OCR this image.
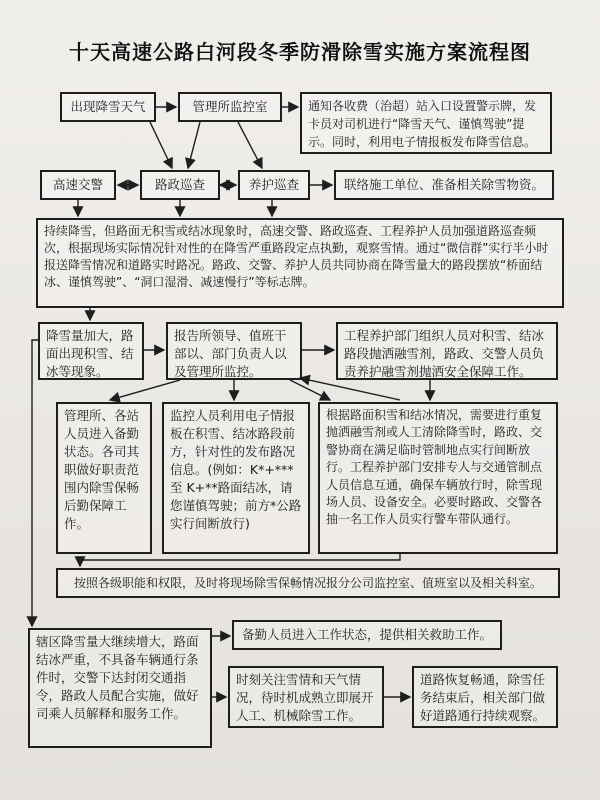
十天高速公路白河段冬季防滑除雪实施方案流程图
出现降雪天气	管理所监控室	通知各收费（治超）站入口设置警示牌，发卡员对司机进行“降雪天气、谨慎驾驶”提示。同时，利用电子情报板发布降雪信息。
高速交警	路政巡查	养护巡查	联络施工单位、准备相关除雪物资。
持续降雪，但路面无积雪或结冰现象时，高速交警、路政巡查、工程养护人员加强道路巡查频次，根据现场实际情况针对性的在降雪严重路段定点执勤，观察雪情。通过“微信群”实行半小时报送降雪情况和道路实时路况。路政、交警、养护人员共同协商在降雪量大的路段摆放“桥面结冰、谨慎驾驶”、“洞口湿滑、减速慢行”等标志牌。
降雪量加大，路面出现积雪、结冰等现象。
报告所领导、值班干部以、部门负责人以及管理所监控。
工程养护部门组织人员对积雪、结冰路段抛洒融雪剂，路政、交警人员负责养护融雪剂抛洒安全保障工作。
管理所、各站人员进入备勤状态。各司其职做好职责范围内除雪保畅后勤保障工作。
监控人员利用电子情报板在积雪、结冰路段前方，针对性的发布路况信息。(例如：K*+***至 K+**路面结冰，请您谨慎驾驶；前方*公路实行间断放行)
根据路面积雪和结冰情况，需要进行重复抛洒融雪剂或人工清除降雪时，路政、交警协商在满足临时管制地点实行间断放行。工程养护部门安排专人与交通管制点人员信息互通，确保车辆放行时，除雪现场人员、设备安全。必要时路政、交警各抽一名工作人员实行警车带队通行。
按照各级职能和权限，及时将现场除雪保畅情况报分公司监控室、值班室以及相关科室。
辖区降雪量大继续增大，路面结冰严重，不具备车辆通行条件时，交警下达封闭交通指令，路政人员配合实施，做好司乘人员解释和服务工作。
备勤人员进入工作状态，提供相关救助工作。
时刻关注雪情和天气情况，待时机成熟立即展开人工、机械除雪工作。
道路恢复畅通，除雪任务结束后，相关部门做好道路通行持续观察。
